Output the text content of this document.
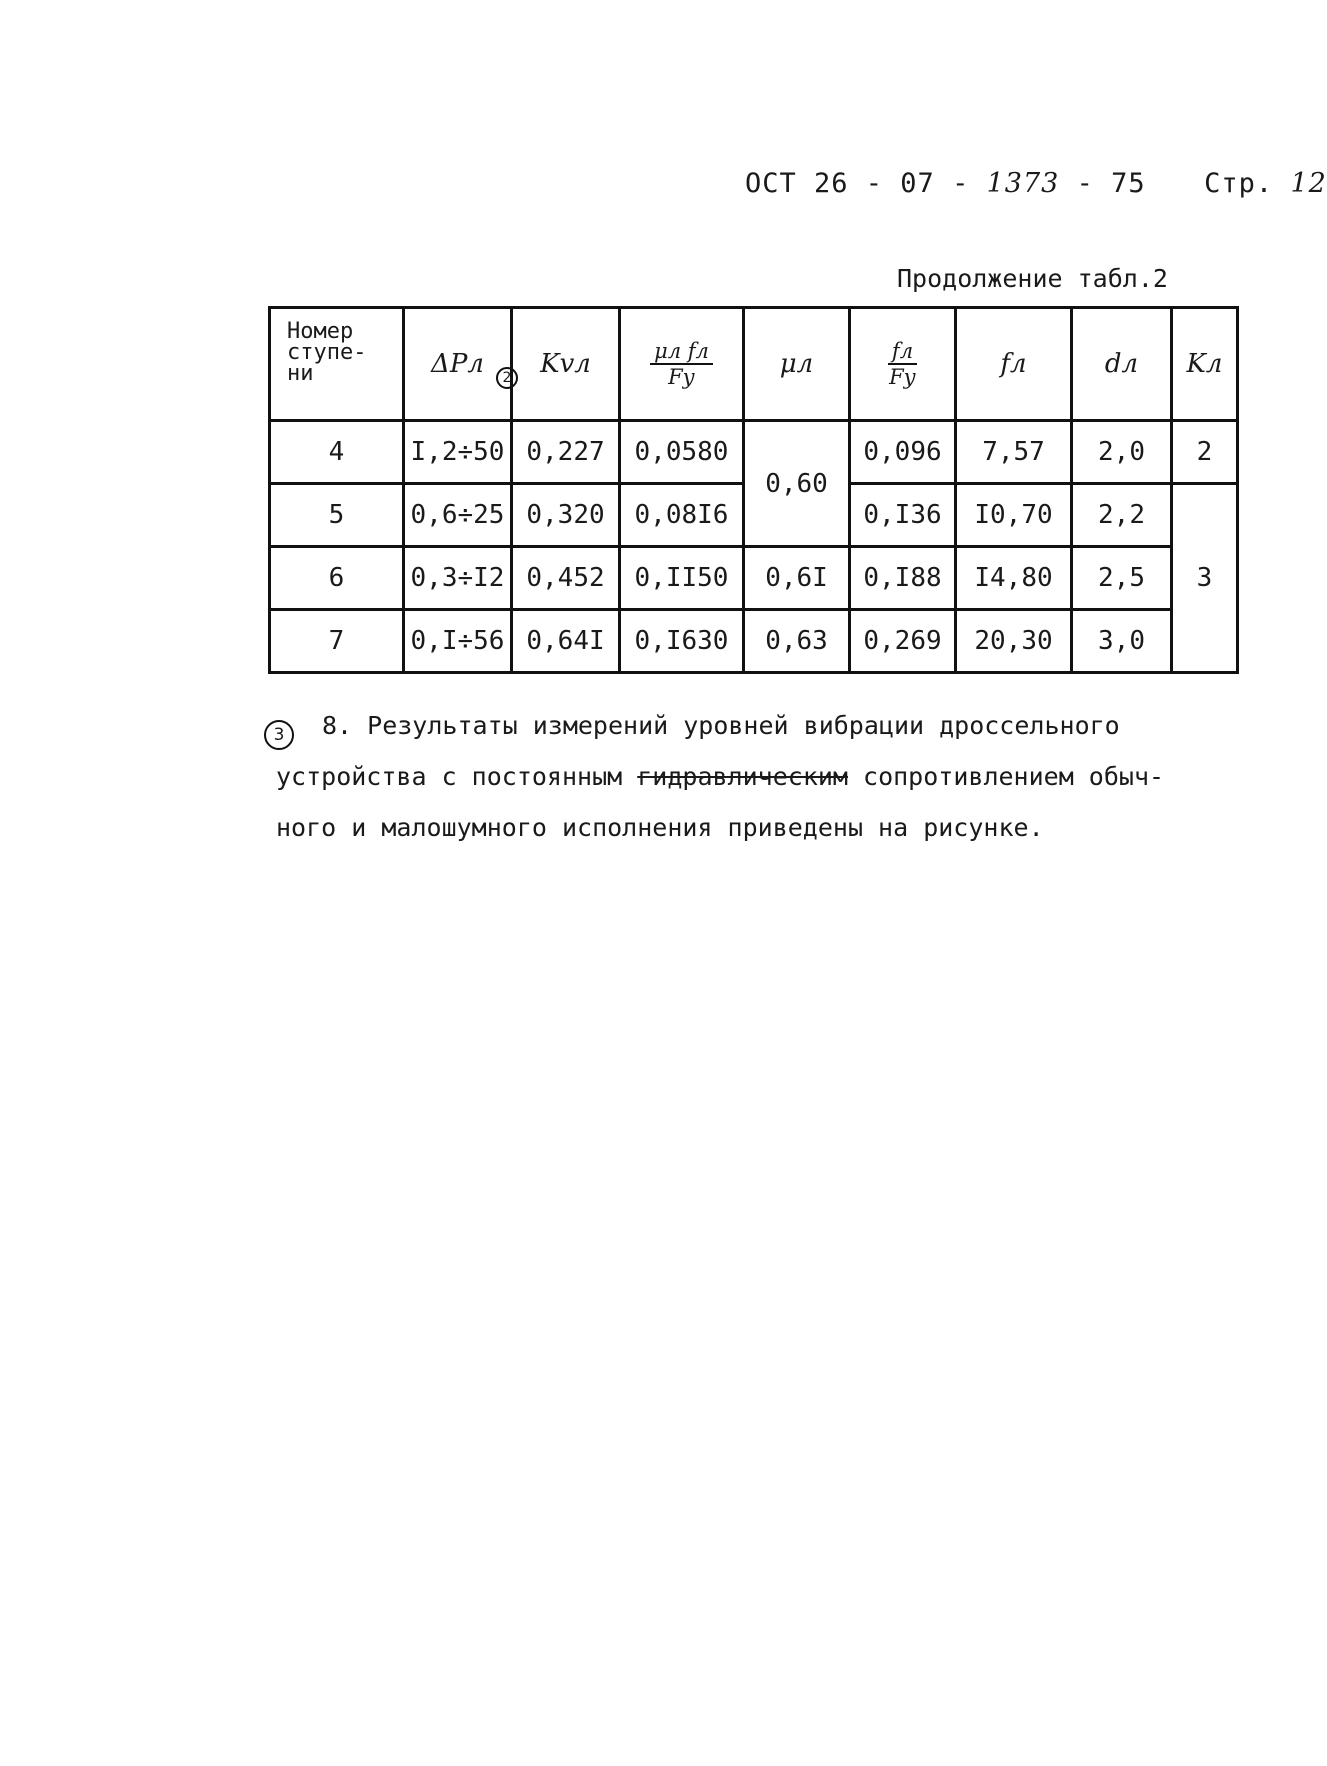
ОСТ 26 - 07 - 1373 - 75 Стр. 12
Продолжение табл.2
Номер ступе- ни	ΔPл 2	Kvл	$\frac{\text{μл fл}}{Fу}$	μл	$\frac{fл}{Fу}$	fл	dл	Kл
4	I,2÷50	0,227	0,0580	0,60	0,096	7,57	2,0	2
5	0,6÷25	0,320	0,08I6		0,I36	I0,70	2,2	3
6	0,3÷I2	0,452	0,II50	0,6I	0,I88	I4,80	2,5	
7	0,I÷56	0,64I	0,I630	0,63	0,269	20,30	3,0	
3	8. Результаты измерений уровней вибрации дроссельного
устройства с постоянным гидравлическим сопротивлением обыч-
ного и малошумного исполнения приведены на рисунке.
